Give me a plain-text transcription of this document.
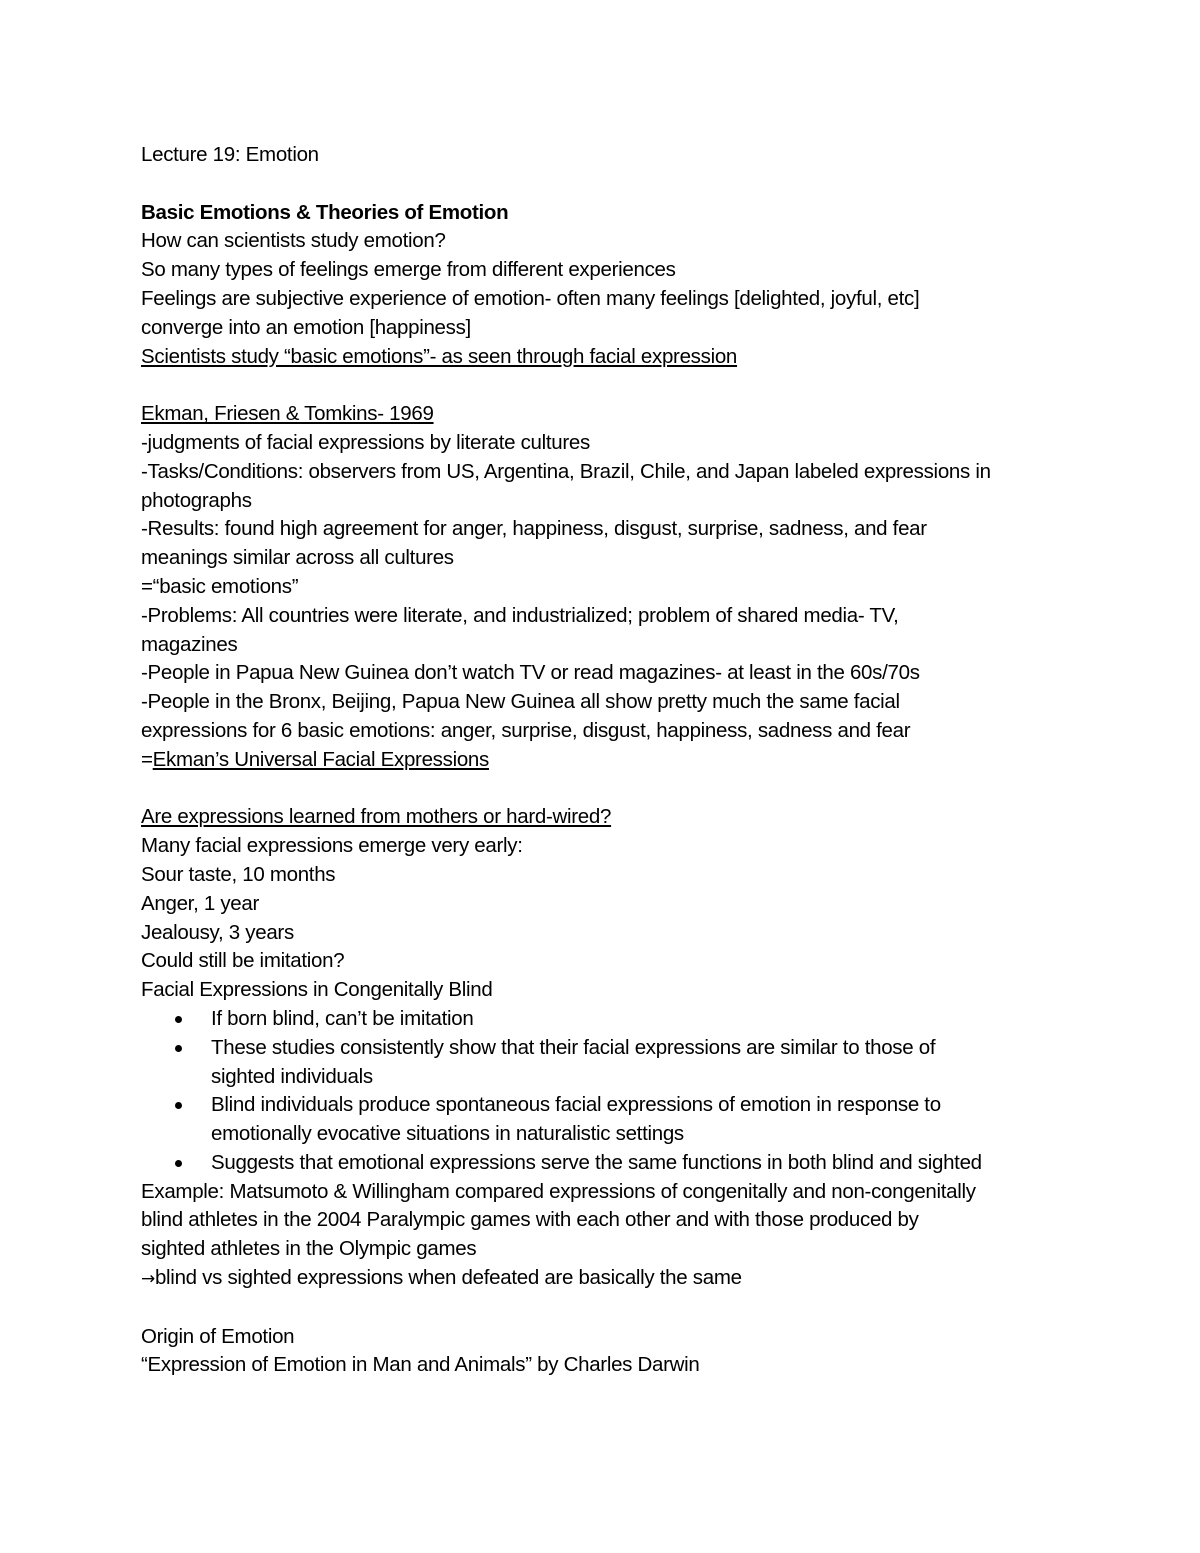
Lecture 19: Emotion

Basic Emotions & Theories of Emotion

How can scientists study emotion?

So many types of feelings emerge from different experiences

Feelings are subjective experience of emotion- often many feelings [delighted, joyful, etc]

converge into an emotion [happiness]

Scientists study “basic emotions”- as seen through facial expression

Ekman, Friesen & Tomkins- 1969

-judgments of facial expressions by literate cultures

-Tasks/Conditions: observers from US, Argentina, Brazil, Chile, and Japan labeled expressions in

photographs

-Results: found high agreement for anger, happiness, disgust, surprise, sadness, and fear

meanings similar across all cultures

=“basic emotions”

-Problems: All countries were literate, and industrialized; problem of shared media- TV,

magazines

-People in Papua New Guinea don’t watch TV or read magazines- at least in the 60s/70s

-People in the Bronx, Beijing, Papua New Guinea all show pretty much the same facial

expressions for 6 basic emotions: anger, surprise, disgust, happiness, sadness and fear

=Ekman’s Universal Facial Expressions

Are expressions learned from mothers or hard-wired?

Many facial expressions emerge very early:

Sour taste, 10 months

Anger, 1 year

Jealousy, 3 years

Could still be imitation?

Facial Expressions in Congenitally Blind

If born blind, can’t be imitation
These studies consistently show that their facial expressions are similar to those of
sighted individuals
Blind individuals produce spontaneous facial expressions of emotion in response to
emotionally evocative situations in naturalistic settings
Suggests that emotional expressions serve the same functions in both blind and sighted

Example: Matsumoto & Willingham compared expressions of congenitally and non-congenitally

blind athletes in the 2004 Paralympic games with each other and with those produced by

sighted athletes in the Olympic games

→blind vs sighted expressions when defeated are basically the same

Origin of Emotion

“Expression of Emotion in Man and Animals” by Charles Darwin
